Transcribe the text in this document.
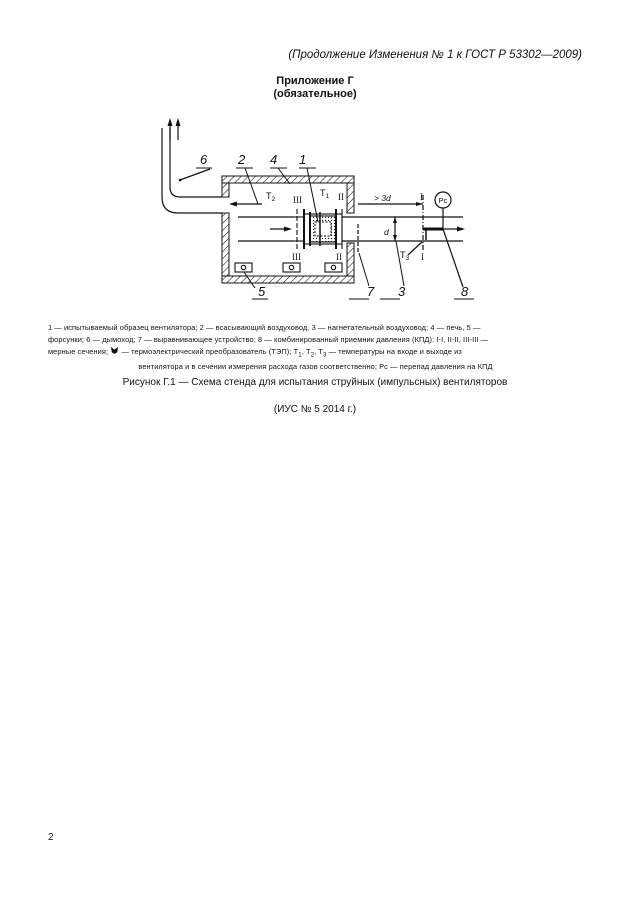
(Продолжение Изменения № 1 к ГОСТ Р 53302—2009)
Приложение Г
(обязательное)
6 2 4 1
5	7 3	8
$T_2$
$T_1$
$T_3$
III
III
II
II
I
I
> 3d
d
Pc
1 — испытываемый образец вентилятора; 2 — всасывающий воздуховод, 3 — нагнетательный воздуховод; 4 — печь, 5 —
форсунки; 6 — дымоход; 7 — выравнивающее устройство; 8 — комбинированный приемник давления (КПД): I-I, II-II, III-III —
мерные сечения; — термоэлектрический преобразователь (ТЭП); $T_1$, $T_2$, $T_3$ — температуры на входе и выходе из
вентилятора и в сечении измерения расхода газов соответственно; Pc — перепад давления на КПД
Рисунок Г.1 — Схема стенда для испытания струйных (импульсных) вентиляторов
(ИУС № 5 2014 г.)
2
